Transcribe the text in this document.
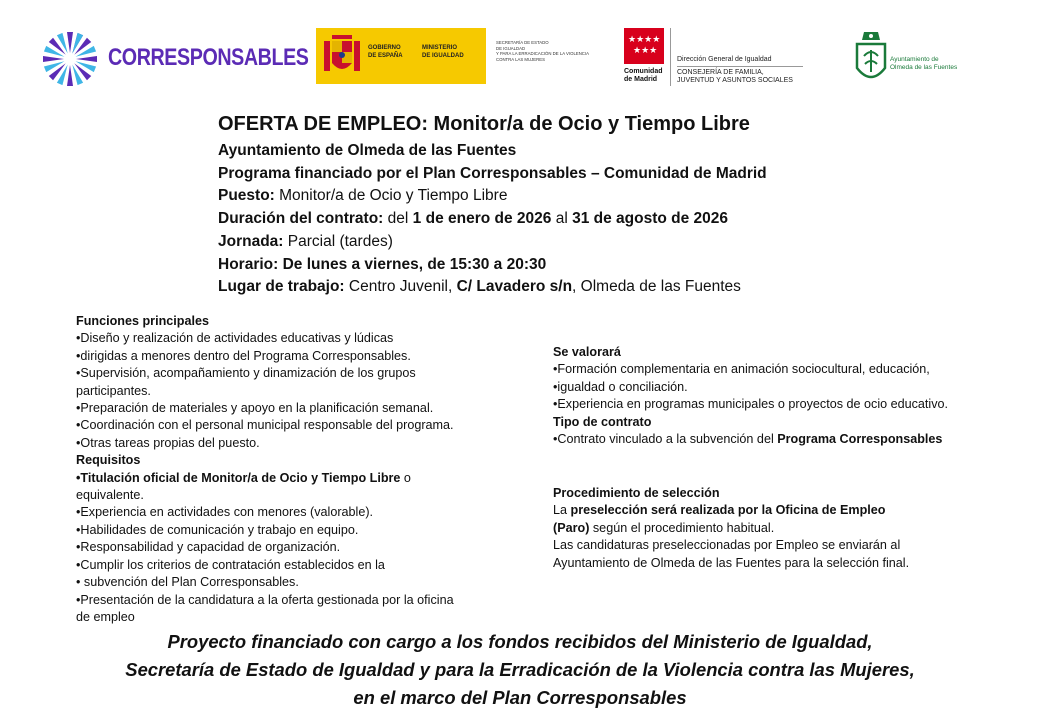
CORRESPONSABLES	GOBIERNO
DE ESPAÑA
MINISTERIO
DE IGUALDAD
SECRETARÍA DE ESTADO
DE IGUALDAD
Y PARA LA ERRADICACIÓN DE LA VIOLENCIA
CONTRA LAS MUJERES
★★★★
★★★
Comunidad
de Madrid
Dirección General de Igualdad
CONSEJERÍA DE FAMILIA,
JUVENTUD Y ASUNTOS SOCIALES
Ayuntamiento de
Olmeda de las Fuentes
OFERTA DE EMPLEO: Monitor/a de Ocio y Tiempo Libre
Ayuntamiento de Olmeda de las Fuentes
Programa financiado por el Plan Corresponsables – Comunidad de Madrid
Puesto: Monitor/a de Ocio y Tiempo Libre
Duración del contrato: del 1 de enero de 2026 al 31 de agosto de 2026
Jornada: Parcial (tardes)
Horario: De lunes a viernes, de 15:30 a 20:30
Lugar de trabajo: Centro Juvenil, C/ Lavadero s/n, Olmeda de las Fuentes
Funciones principales
•Diseño y realización de actividades educativas y lúdicas
•dirigidas a menores dentro del Programa Corresponsables.
•Supervisión, acompañamiento y dinamización de los grupos
participantes.
•Preparación de materiales y apoyo en la planificación semanal.
•Coordinación con el personal municipal responsable del programa.
•Otras tareas propias del puesto.
Requisitos
•Titulación oficial de Monitor/a de Ocio y Tiempo Libre o
equivalente.
•Experiencia en actividades con menores (valorable).
•Habilidades de comunicación y trabajo en equipo.
•Responsabilidad y capacidad de organización.
•Cumplir los criterios de contratación establecidos en la
• subvención del Plan Corresponsables.
•Presentación de la candidatura a la oferta gestionada por la oficina
de empleo
Se valorará
•Formación complementaria en animación sociocultural, educación,
•igualdad o conciliación.
•Experiencia en programas municipales o proyectos de ocio educativo.
Tipo de contrato
•Contrato vinculado a la subvención del Programa Corresponsables
Procedimiento de selección
La preselección será realizada por la Oficina de Empleo
(Paro) según el procedimiento habitual.
Las candidaturas preseleccionadas por Empleo se enviarán al
Ayuntamiento de Olmeda de las Fuentes para la selección final.
Proyecto financiado con cargo a los fondos recibidos del Ministerio de Igualdad,
Secretaría de Estado de Igualdad y para la Erradicación de la Violencia contra las Mujeres,
en el marco del Plan Corresponsables
